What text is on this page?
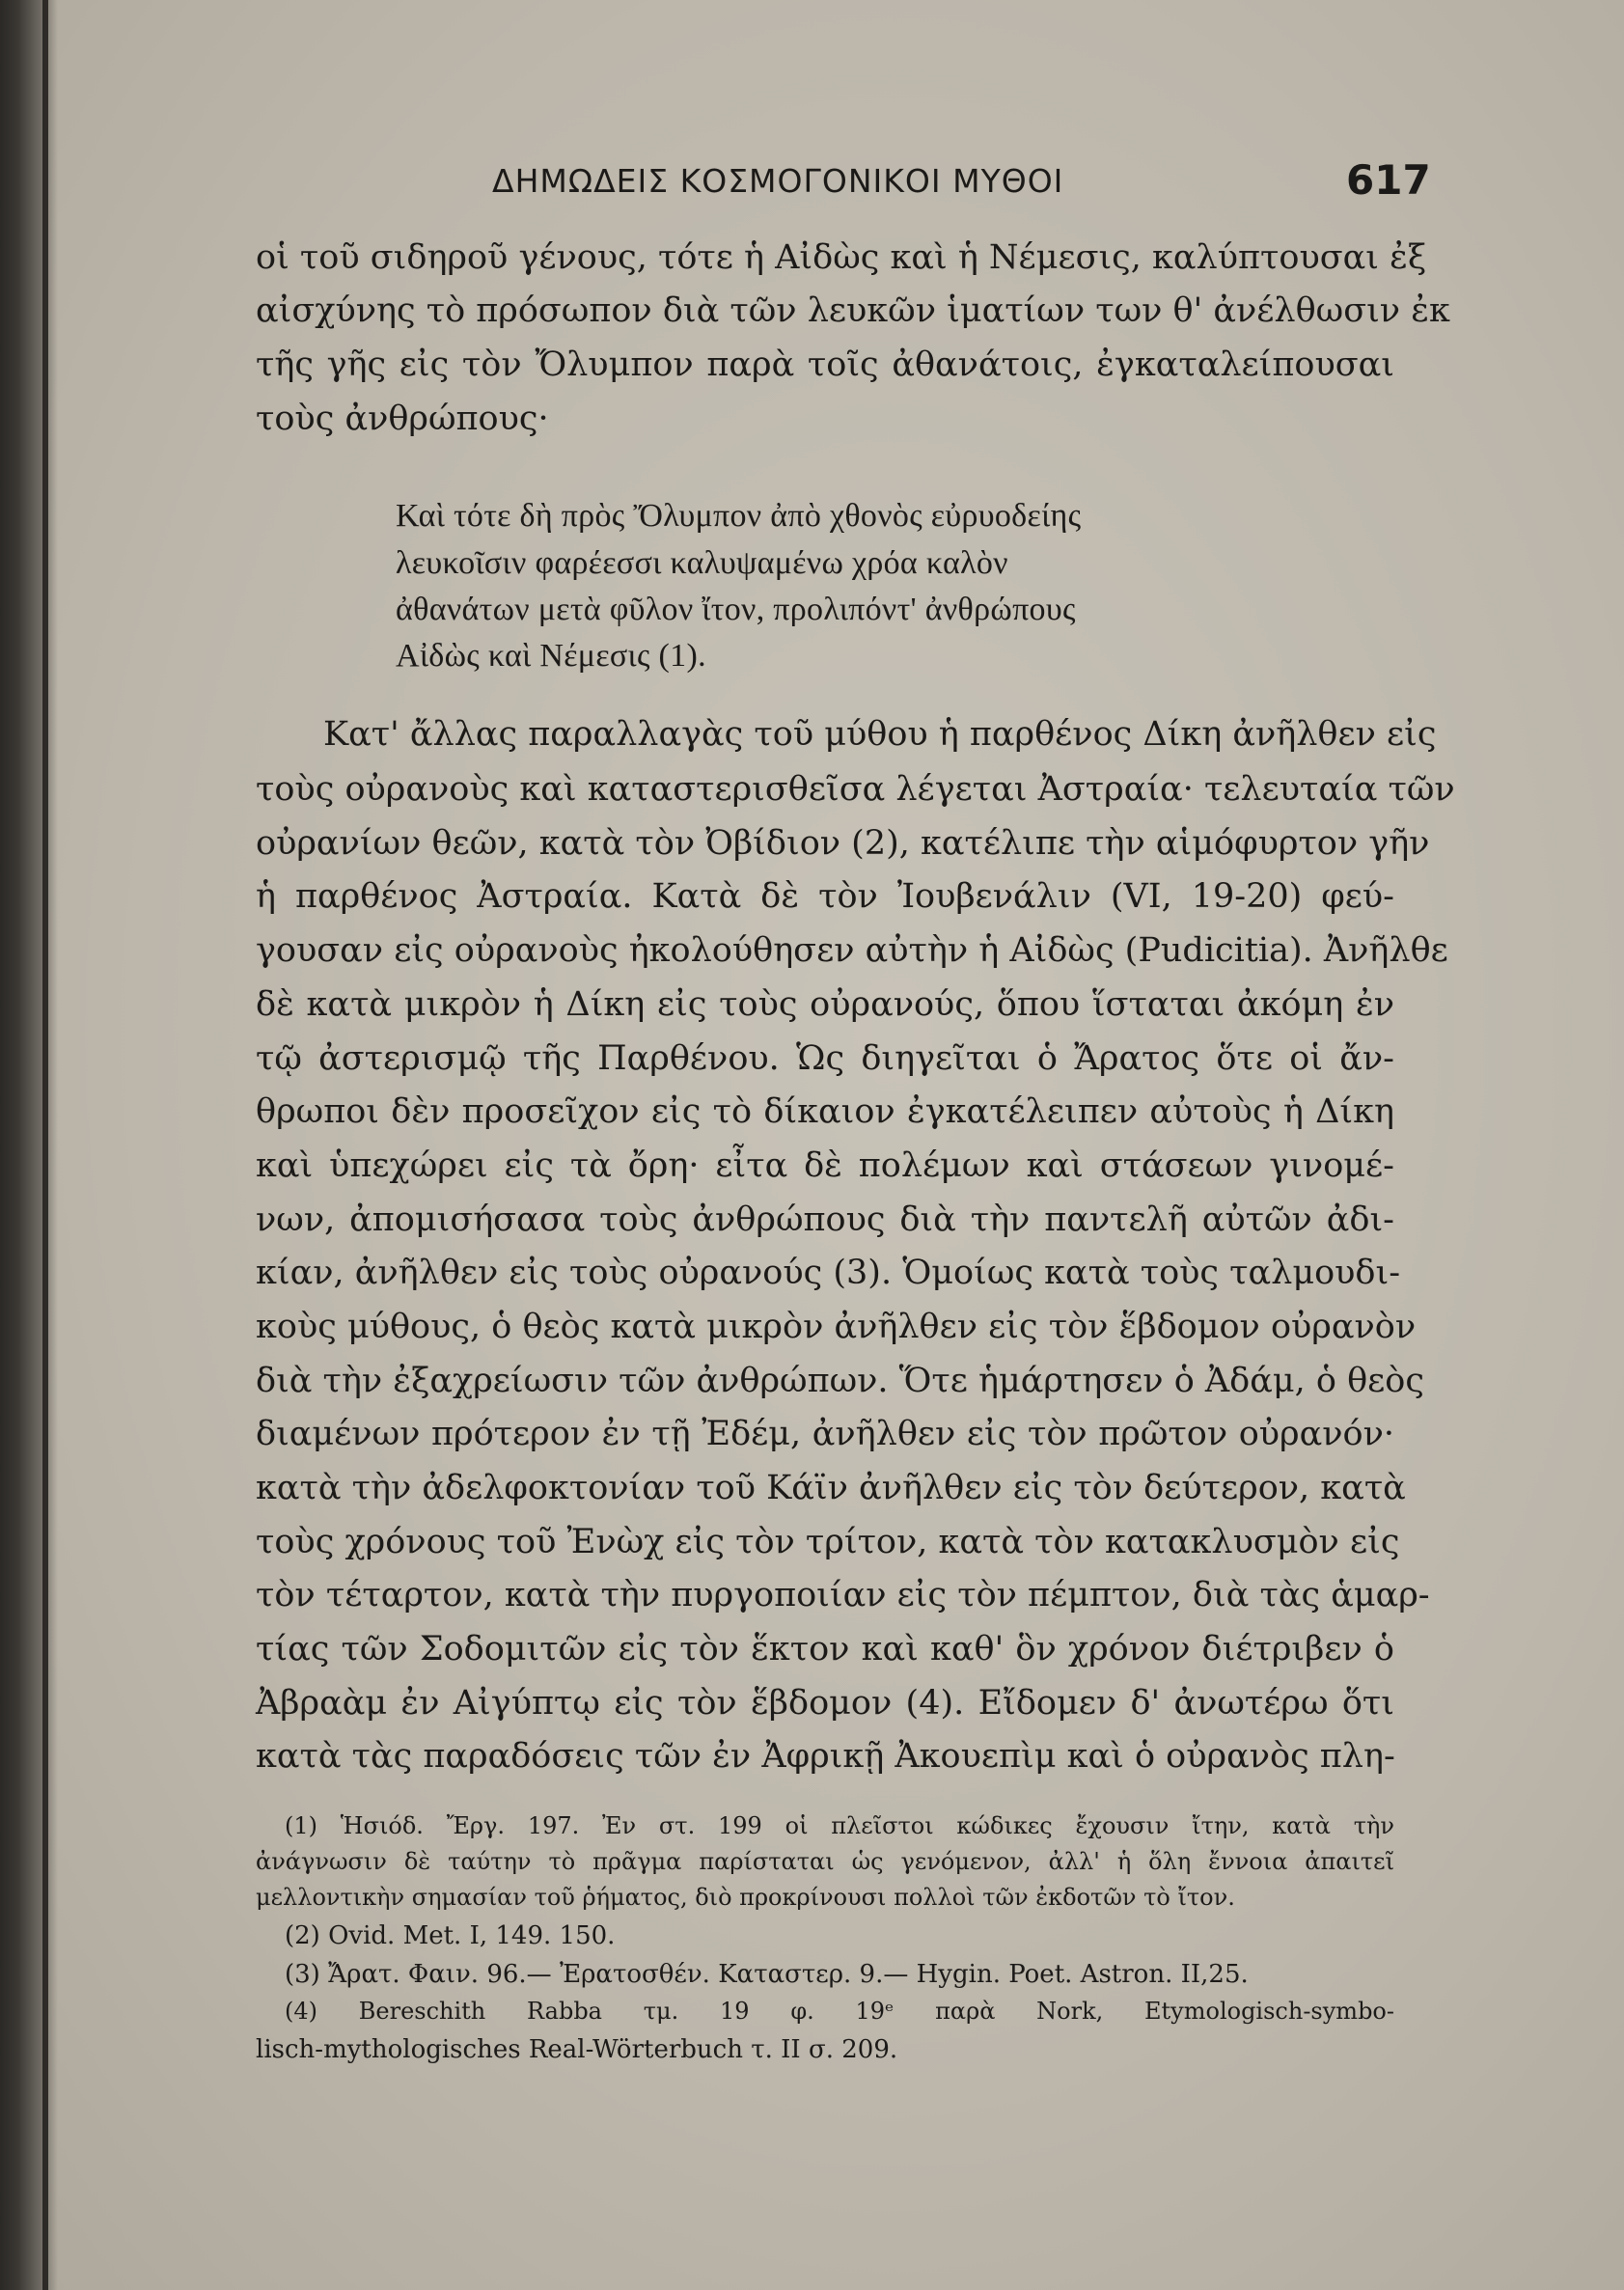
ΔΗΜΩΔΕΙΣ ΚΟΣΜΟΓΟΝΙΚΟΙ ΜΥΘΟΙ	617
οἱ τοῦ σιδηροῦ γένους, τότε ἡ Αἰδὼς καὶ ἡ Νέμεσις, καλύπτουσαι ἐξ
αἰσχύνης τὸ πρόσωπον διὰ τῶν λευκῶν ἱματίων των θ' ἀνέλθωσιν ἐκ
τῆς γῆς εἰς τὸν Ὄλυμπον παρὰ τοῖς ἀθανάτοις, ἐγκαταλείπουσαι
τοὺς ἀνθρώπους·
Καὶ τότε δὴ πρὸς Ὄλυμπον ἀπὸ χθονὸς εὐρυοδείης
λευκοῖσιν φαρέεσσι καλυψαμένω χρόα καλὸν
ἀθανάτων μετὰ φῦλον ἴτον, προλιπόντ' ἀνθρώπους
Αἰδὼς καὶ Νέμεσις (1).
Κατ' ἄλλας παραλλαγὰς τοῦ μύθου ἡ παρθένος Δίκη ἀνῆλθεν εἰς
τοὺς οὐρανοὺς καὶ καταστερισθεῖσα λέγεται Ἀστραία· τελευταία τῶν
οὐρανίων θεῶν, κατὰ τὸν Ὀβίδιον (2), κατέλιπε τὴν αἱμόφυρτον γῆν
ἡ παρθένος Ἀστραία. Κατὰ δὲ τὸν Ἰουβενάλιν (VI, 19-20) φεύ-
γουσαν εἰς οὐρανοὺς ἠκολούθησεν αὐτὴν ἡ Αἰδὼς (Pudicitia). Ἀνῆλθε
δὲ κατὰ μικρὸν ἡ Δίκη εἰς τοὺς οὐρανούς, ὅπου ἵσταται ἀκόμη ἐν
τῷ ἀστερισμῷ τῆς Παρθένου. Ὡς διηγεῖται ὁ Ἄρατος ὅτε οἱ ἄν-
θρωποι δὲν προσεῖχον εἰς τὸ δίκαιον ἐγκατέλειπεν αὐτοὺς ἡ Δίκη
καὶ ὑπεχώρει εἰς τὰ ὄρη· εἶτα δὲ πολέμων καὶ στάσεων γινομέ-
νων, ἀπομισήσασα τοὺς ἀνθρώπους διὰ τὴν παντελῆ αὐτῶν ἀδι-
κίαν, ἀνῆλθεν εἰς τοὺς οὐρανούς (3). Ὁμοίως κατὰ τοὺς ταλμουδι-
κοὺς μύθους, ὁ θεὸς κατὰ μικρὸν ἀνῆλθεν εἰς τὸν ἕβδομον οὐρανὸν
διὰ τὴν ἐξαχρείωσιν τῶν ἀνθρώπων. Ὅτε ἡμάρτησεν ὁ Ἀδάμ, ὁ θεὸς
διαμένων πρότερον ἐν τῇ Ἐδέμ, ἀνῆλθεν εἰς τὸν πρῶτον οὐρανόν·
κατὰ τὴν ἀδελφοκτονίαν τοῦ Κάϊν ἀνῆλθεν εἰς τὸν δεύτερον, κατὰ
τοὺς χρόνους τοῦ Ἐνὼχ εἰς τὸν τρίτον, κατὰ τὸν κατακλυσμὸν εἰς
τὸν τέταρτον, κατὰ τὴν πυργοποιίαν εἰς τὸν πέμπτον, διὰ τὰς ἁμαρ-
τίας τῶν Σοδομιτῶν εἰς τὸν ἕκτον καὶ καθ' ὃν χρόνον διέτριβεν ὁ
Ἀβραὰμ ἐν Αἰγύπτῳ εἰς τὸν ἕβδομον (4). Εἴδομεν δ' ἀνωτέρω ὅτι
κατὰ τὰς παραδόσεις τῶν ἐν Ἀφρικῇ Ἀκουεπὶμ καὶ ὁ οὐρανὸς πλη-
(1) Ἡσιόδ. Ἔργ. 197. Ἐν στ. 199 οἱ πλεῖστοι κώδικες ἔχουσιν ἴτην, κατὰ τὴν
ἀνάγνωσιν δὲ ταύτην τὸ πρᾶγμα παρίσταται ὡς γενόμενον, ἀλλ' ἡ ὅλη ἔννοια ἀπαιτεῖ
μελλοντικὴν σημασίαν τοῦ ῥήματος, διὸ προκρίνουσι πολλοὶ τῶν ἐκδοτῶν τὸ ἴτον.
(2) Ovid. Met. I, 149. 150.
(3) Ἄρατ. Φαιν. 96.— Ἐρατοσθέν. Καταστερ. 9.— Hygin. Poet. Astron. II,25.
(4) Bereschith Rabba τμ. 19 φ. 19ᵉ παρὰ Nork, Etymologisch-symbo-
lisch-mythologisches Real-Wörterbuch τ. II σ. 209.
